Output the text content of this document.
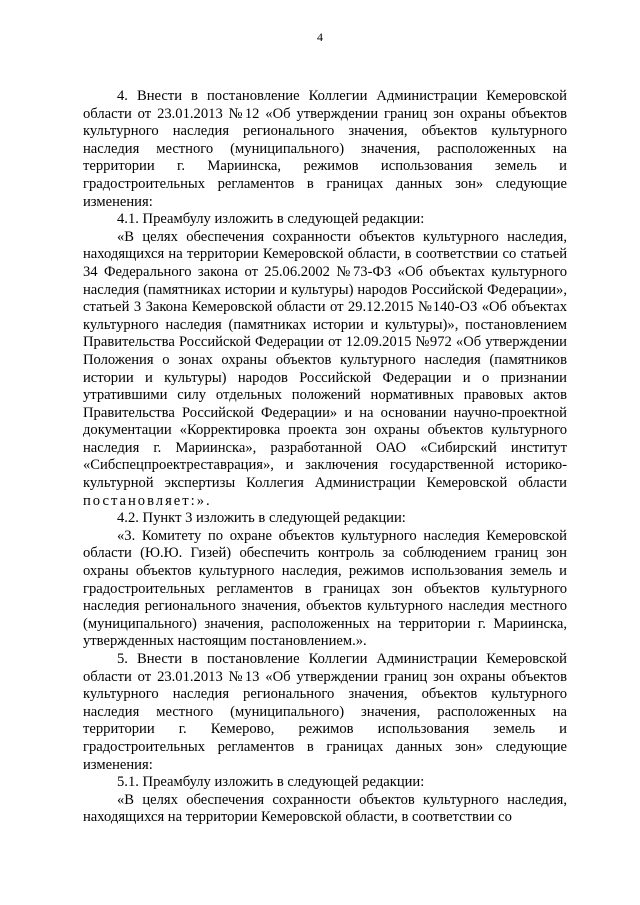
4

4. Внести в постановление Коллегии Администрации Кемеровской области от 23.01.2013 №12 «Об утверждении границ зон охраны объектов культурного наследия регионального значения, объектов культурного наследия местного (муниципального) значения, расположенных на территории г. Мариинска, режимов использования земель и градостроительных регламентов в границах данных зон» следующие изменения:

4.1. Преамбулу изложить в следующей редакции:

«В целях обеспечения сохранности объектов культурного наследия, находящихся на территории Кемеровской области, в соответствии со статьей 34 Федерального закона от 25.06.2002 №73-ФЗ «Об объектах культурного наследия (памятниках истории и культуры) народов Российской Федерации», статьей 3 Закона Кемеровской области от 29.12.2015 №140-ОЗ «Об объектах культурного наследия (памятниках истории и культуры)», постановлением Правительства Российской Федерации от 12.09.2015 №972 «Об утверждении Положения о зонах охраны объектов культурного наследия (памятников истории и культуры) народов Российской Федерации и о признании утратившими силу отдельных положений нормативных правовых актов Правительства Российской Федерации» и на основании научно-проектной документации «Корректировка проекта зон охраны объектов культурного наследия г. Мариинска», разработанной ОАО «Сибирский институт «Сибспецпроектреставрация», и заключения государственной историко-культурной экспертизы Коллегия Администрации Кемеровской области постановляет:».

4.2. Пункт 3 изложить в следующей редакции:

«3. Комитету по охране объектов культурного наследия Кемеровской области (Ю.Ю. Гизей) обеспечить контроль за соблюдением границ зон охраны объектов культурного наследия, режимов использования земель и градостроительных регламентов в границах зон объектов культурного наследия регионального значения, объектов культурного наследия местного (муниципального) значения, расположенных на территории г. Мариинска, утвержденных настоящим постановлением.».

5. Внести в постановление Коллегии Администрации Кемеровской области от 23.01.2013 №13 «Об утверждении границ зон охраны объектов культурного наследия регионального значения, объектов культурного наследия местного (муниципального) значения, расположенных на территории г. Кемерово, режимов использования земель и градостроительных регламентов в границах данных зон» следующие изменения:

5.1. Преамбулу изложить в следующей редакции:

«В целях обеспечения сохранности объектов культурного наследия, находящихся на территории Кемеровской области, в соответствии со
